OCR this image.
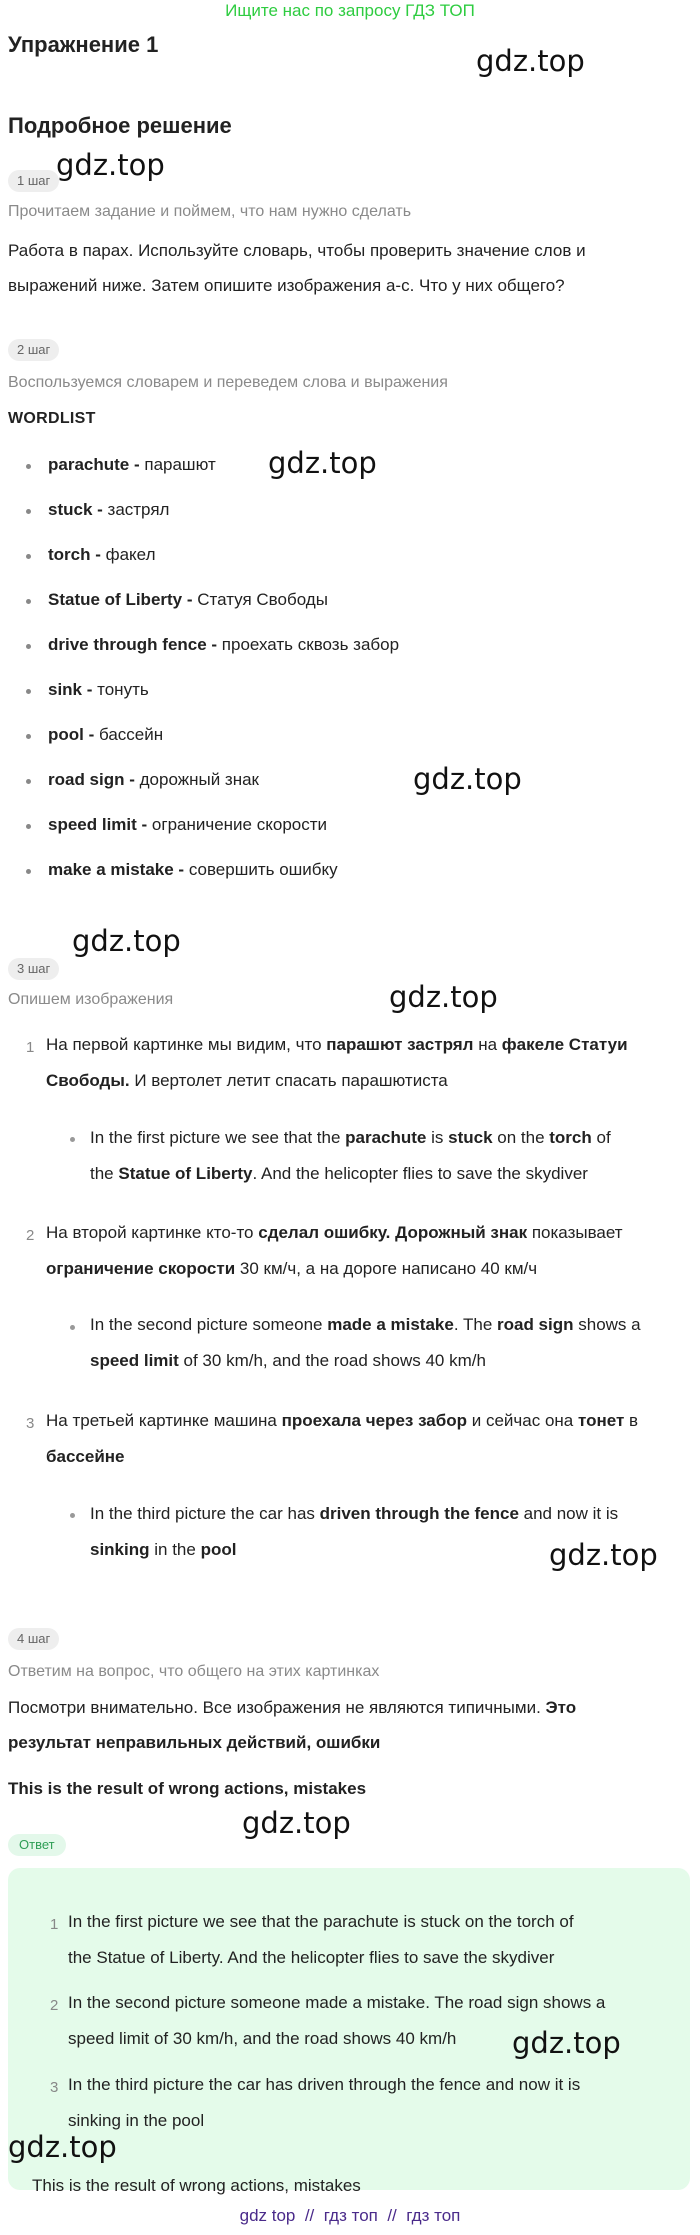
Ищите нас по запросу ГДЗ ТОП
Упражнение 1	gdz.top
Подробное решение
1 шаг gdz.top
Прочитаем задание и поймем, что нам нужно сделать
Работа в парах. Используйте словарь, чтобы проверить значение слов и
выражений ниже. Затем опишите изображения a-c. Что у них общего?
2 шаг
Воспользуемся словарем и переведем слова и выражения
WORDLIST
parachute - парашют
stuck - застрял
torch - факел
Statue of Liberty - Статуя Свободы
drive through fence - проехать сквозь забор
sink - тонуть
pool - бассейн
road sign - дорожный знак
speed limit - ограничение скорости
make a mistake - совершить ошибку
gdz.top
gdz.top
gdz.top
3 шаг
Опишем изображения	gdz.top
1 На первой картинке мы видим, что парашют застрял на факеле Статуи
Свободы. И вертолет летит спасать парашютиста
In the first picture we see that the parachute is stuck on the torch of
the Statue of Liberty. And the helicopter flies to save the skydiver
2 На второй картинке кто-то сделал ошибку. Дорожный знак показывает
ограничение скорости 30 км/ч, а на дороге написано 40 км/ч
In the second picture someone made a mistake. The road sign shows a
speed limit of 30 km/h, and the road shows 40 km/h
3 На третьей картинке машина проехала через забор и сейчас она тонет в
бассейне
In the third picture the car has driven through the fence and now it is
sinking in the pool	gdz.top
4 шаг
Ответим на вопрос, что общего на этих картинках
Посмотри внимательно. Все изображения не являются типичными. Это
результат неправильных действий, ошибки
This is the result of wrong actions, mistakes
gdz.top
Ответ
1 In the first picture we see that the parachute is stuck on the torch of
the Statue of Liberty. And the helicopter flies to save the skydiver
2 In the second picture someone made a mistake. The road sign shows a
speed limit of 30 km/h, and the road shows 40 km/h	gdz.top
3 In the third picture the car has driven through the fence and now it is
sinking in the pool
gdz.top
This is the result of wrong actions, mistakes
gdz top  //  гдз топ  //  гдз топ
